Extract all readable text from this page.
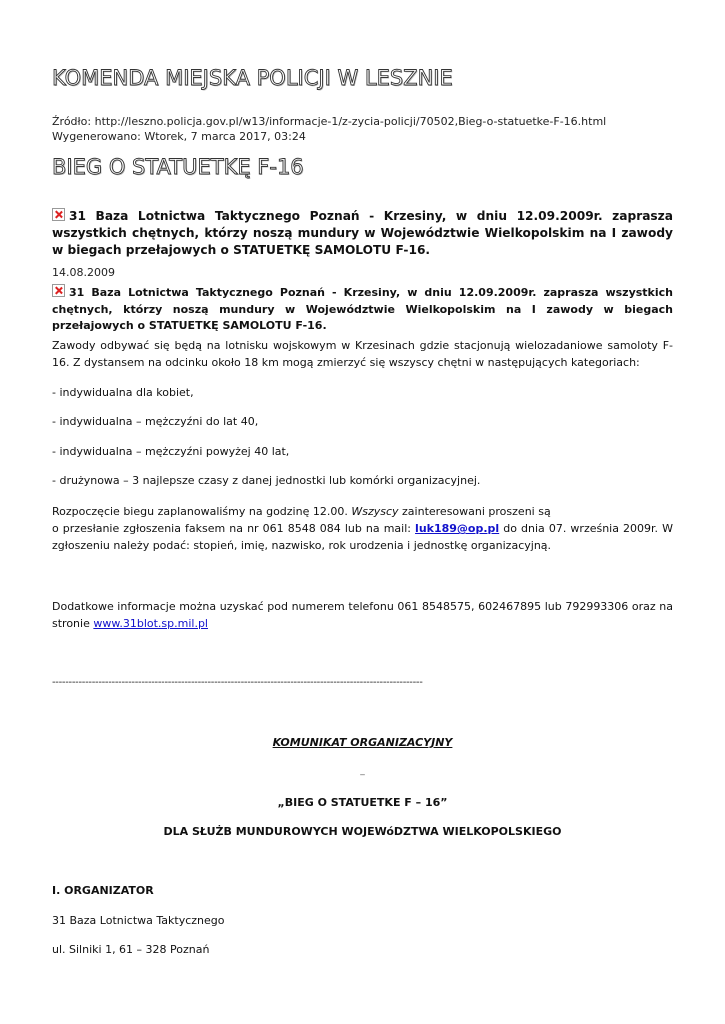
KOMENDA MIEJSKA POLICJI W LESZNIE
Źródło: http://leszno.policja.gov.pl/w13/informacje-1/z-zycia-policji/70502,Bieg-o-statuetke-F-16.html
Wygenerowano: Wtorek, 7 marca 2017, 03:24
BIEG O STATUETKĘ F-16
31 Baza Lotnictwa Taktycznego Poznań - Krzesiny, w dniu 12.09.2009r. zaprasza wszystkich chętnych, którzy noszą mundury w Województwie Wielkopolskim na I zawody w biegach przełajowych o STATUETKĘ SAMOLOTU F-16.
14.08.2009
31 Baza Lotnictwa Taktycznego Poznań - Krzesiny, w dniu 12.09.2009r. zaprasza wszystkich chętnych, którzy noszą mundury w Województwie Wielkopolskim na I zawody w biegach przełajowych o STATUETKĘ SAMOLOTU F-16.
Zawody odbywać się będą na lotnisku wojskowym w Krzesinach gdzie stacjonują wielozadaniowe samoloty F-16. Z dystansem na odcinku około 18 km mogą zmierzyć się wszyscy chętni w następujących kategoriach:
- indywidualna dla kobiet,
- indywidualna – mężczyźni do lat 40,
- indywidualna – mężczyźni powyżej 40 lat,
- drużynowa – 3 najlepsze czasy z danej jednostki lub komórki organizacyjnej.
Rozpoczęcie biegu zaplanowaliśmy na godzinę 12.00. Wszyscy zainteresowani proszeni są
o przesłanie zgłoszenia faksem na nr 061 8548 084 lub na mail: luk189@op.pl do dnia 07. września 2009r. W zgłoszeniu należy podać: stopień, imię, nazwisko, rok urodzenia i jednostkę organizacyjną.
Dodatkowe informacje można uzyskać pod numerem telefonu 061 8548575, 602467895 lub 792993306 oraz na stronie www.31blot.sp.mil.pl
----------------------------------------------------------------------------------------------------------------
KOMUNIKAT ORGANIZACYJNY
_
„BIEG O STATUETKE F – 16”
DLA SŁUŻB MUNDUROWYCH WOJEWóDZTWA WIELKOPOLSKIEGO
I. ORGANIZATOR
31 Baza Lotnictwa Taktycznego
ul. Silniki 1, 61 – 328 Poznań
